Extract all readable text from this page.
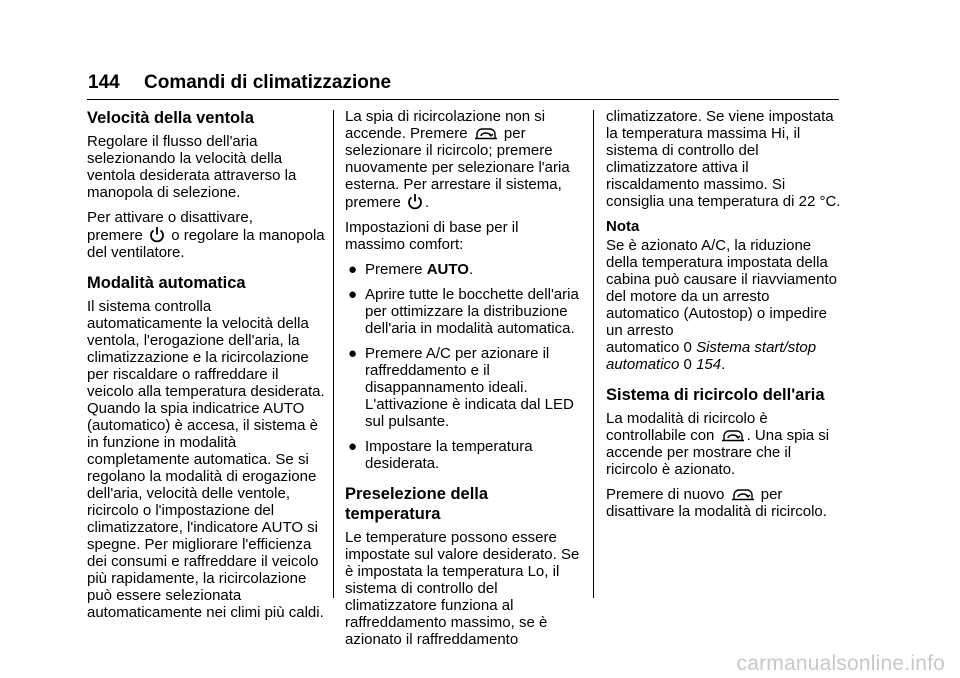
144 Comandi di climatizzazione
Velocità della ventola

Regolare il flusso dell'aria selezionando la velocità della ventola desiderata attraverso la manopola di selezione.

Per attivare o disattivare,
premere o regolare la manopola
del ventilatore.

Modalità automatica

Il sistema controlla automaticamente la velocità della ventola, l'erogazione dell'aria, la climatizzazione e la ricircolazione per riscaldare o raffreddare il veicolo alla temperatura desiderata. Quando la spia indicatrice AUTO (automatico) è accesa, il sistema è in funzione in modalità completamente automatica. Se si regolano la modalità di erogazione dell'aria, velocità delle ventole, ricircolo o l'impostazione del climatizzatore, l'indicatore AUTO si spegne. Per migliorare l'efficienza dei consumi e raffreddare il veicolo più rapidamente, la ricircolazione può essere selezionata automaticamente nei climi più caldi.

La spia di ricircolazione non si
accende. Premere per
selezionare il ricircolo; premere nuovamente per selezionare l'aria esterna. Per arrestare il sistema,
premere .

Impostazioni di base per il massimo comfort:

● Premere AUTO.
● Aprire tutte le bocchette dell'aria per ottimizzare la distribuzione dell'aria in modalità automatica.
● Premere A/C per azionare il raffreddamento e il disappannamento ideali. L'attivazione è indicata dal LED sul pulsante.
● Impostare la temperatura desiderata.
Preselezione della temperatura

Le temperature possono essere impostate sul valore desiderato. Se è impostata la temperatura Lo, il sistema di controllo del climatizzatore funziona al raffreddamento massimo, se è azionato il raffreddamento

climatizzatore. Se viene impostata la temperatura massima Hi, il sistema di controllo del climatizzatore attiva il riscaldamento massimo. Si consiglia una temperatura di 22 °C.

Nota

Se è azionato A/C, la riduzione della temperatura impostata della cabina può causare il riavviamento del motore da un arresto automatico (Autostop) o impedire un arresto
automatico 0 Sistema start/stop
automatico 0 154.

Sistema di ricircolo dell'aria

La modalità di ricircolo è
controllabile con . Una spia si
accende per mostrare che il ricircolo è azionato.

Premere di nuovo per
disattivare la modalità di ricircolo.

carmanualsonline.info
